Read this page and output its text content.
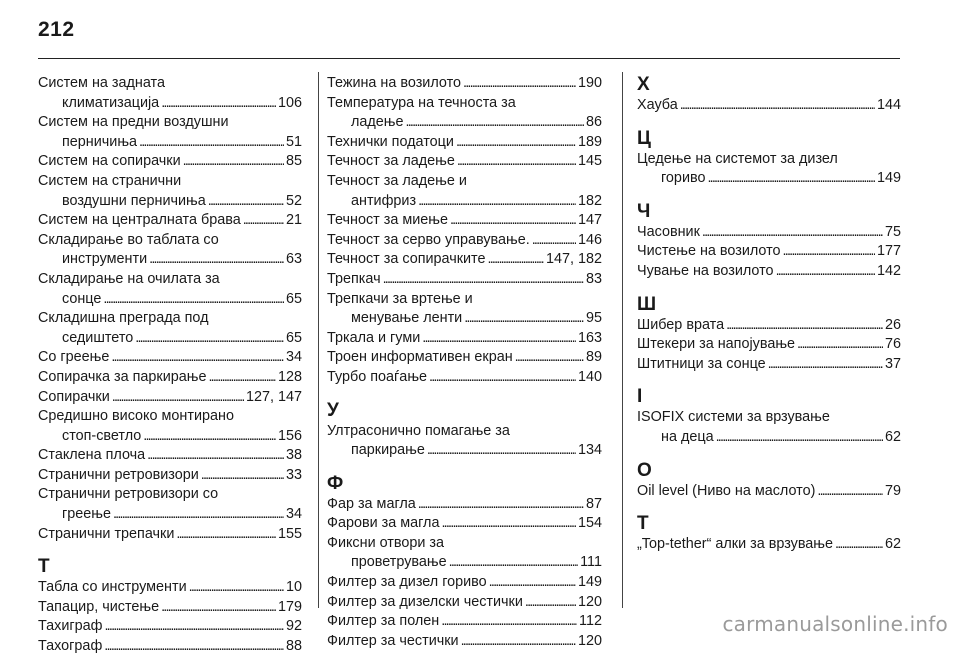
212
Систем на задната
климатизација . . .	106
Систем на предни воздушни
перничиња . . .	51
Систем на сопирачки . . .	85
Систем на странични
воздушни перничиња . . .	52
Систем на централната брава . . .	21
Складирање во таблата со
инструменти . . .	63
Складирање на очилата за
сонце . . .	65
Складишна преграда под
седиштето . . .	65
Со греење . . .	34
Сопирачка за паркирање . . .	128
Сопирачки . . .	127, 147
Средишно високо монтирано
стоп-светло . . .	156
Стаклена плоча . . .	38
Странични ретровизори . . .	33
Странични ретровизори со
греење . . .	34
Странични трепачки . . .	155
Т
Табла со инструменти . . .	10
Тапацир, чистење . . .	179
Тахиграф . . .	92
Тахограф . . .	88
Тежина на возилото . . .	190
Температура на течноста за
ладење . . .	86
Технички податоци . . .	189
Течност за ладење . . .	145
Течност за ладење и
антифриз . . .	182
Течност за миење . . .	147
Течност за серво управување. . . .	146
Течност за сопирачките . . .	147, 182
Трепкач . . .	83
Трепкачи за вртење и
менување ленти . . .	95
Тркала и гуми . . .	163
Троен информативен екран . . .	89
Турбо поаѓање . . .	140
У
Ултрасонично помагање за
паркирање . . .	134
Ф
Фар за магла . . .	87
Фарови за магла . . .	154
Фиксни отвори за
проветрување . . .	111
Филтер за дизел гориво . . .	149
Филтер за дизелски честички . . .	120
Филтер за полен . . .	112
Филтер за честички . . .	120
Х
Хауба . . .	144
Ц
Цедење на системот за дизел
гориво . . .	149
Ч
Часовник . . .	75
Чистење на возилото . . .	177
Чување на возилото . . .	142
Ш
Шибер врата . . .	26
Штекери за напојување . . .	76
Штитници за сонце . . .	37
I
ISOFIX системи за врзување
на деца . . .	62
O
Oil level (Ниво на маслото) . . .	79
T
„Top-tether“ алки за врзување . . .	62
carmanualsonline.info
